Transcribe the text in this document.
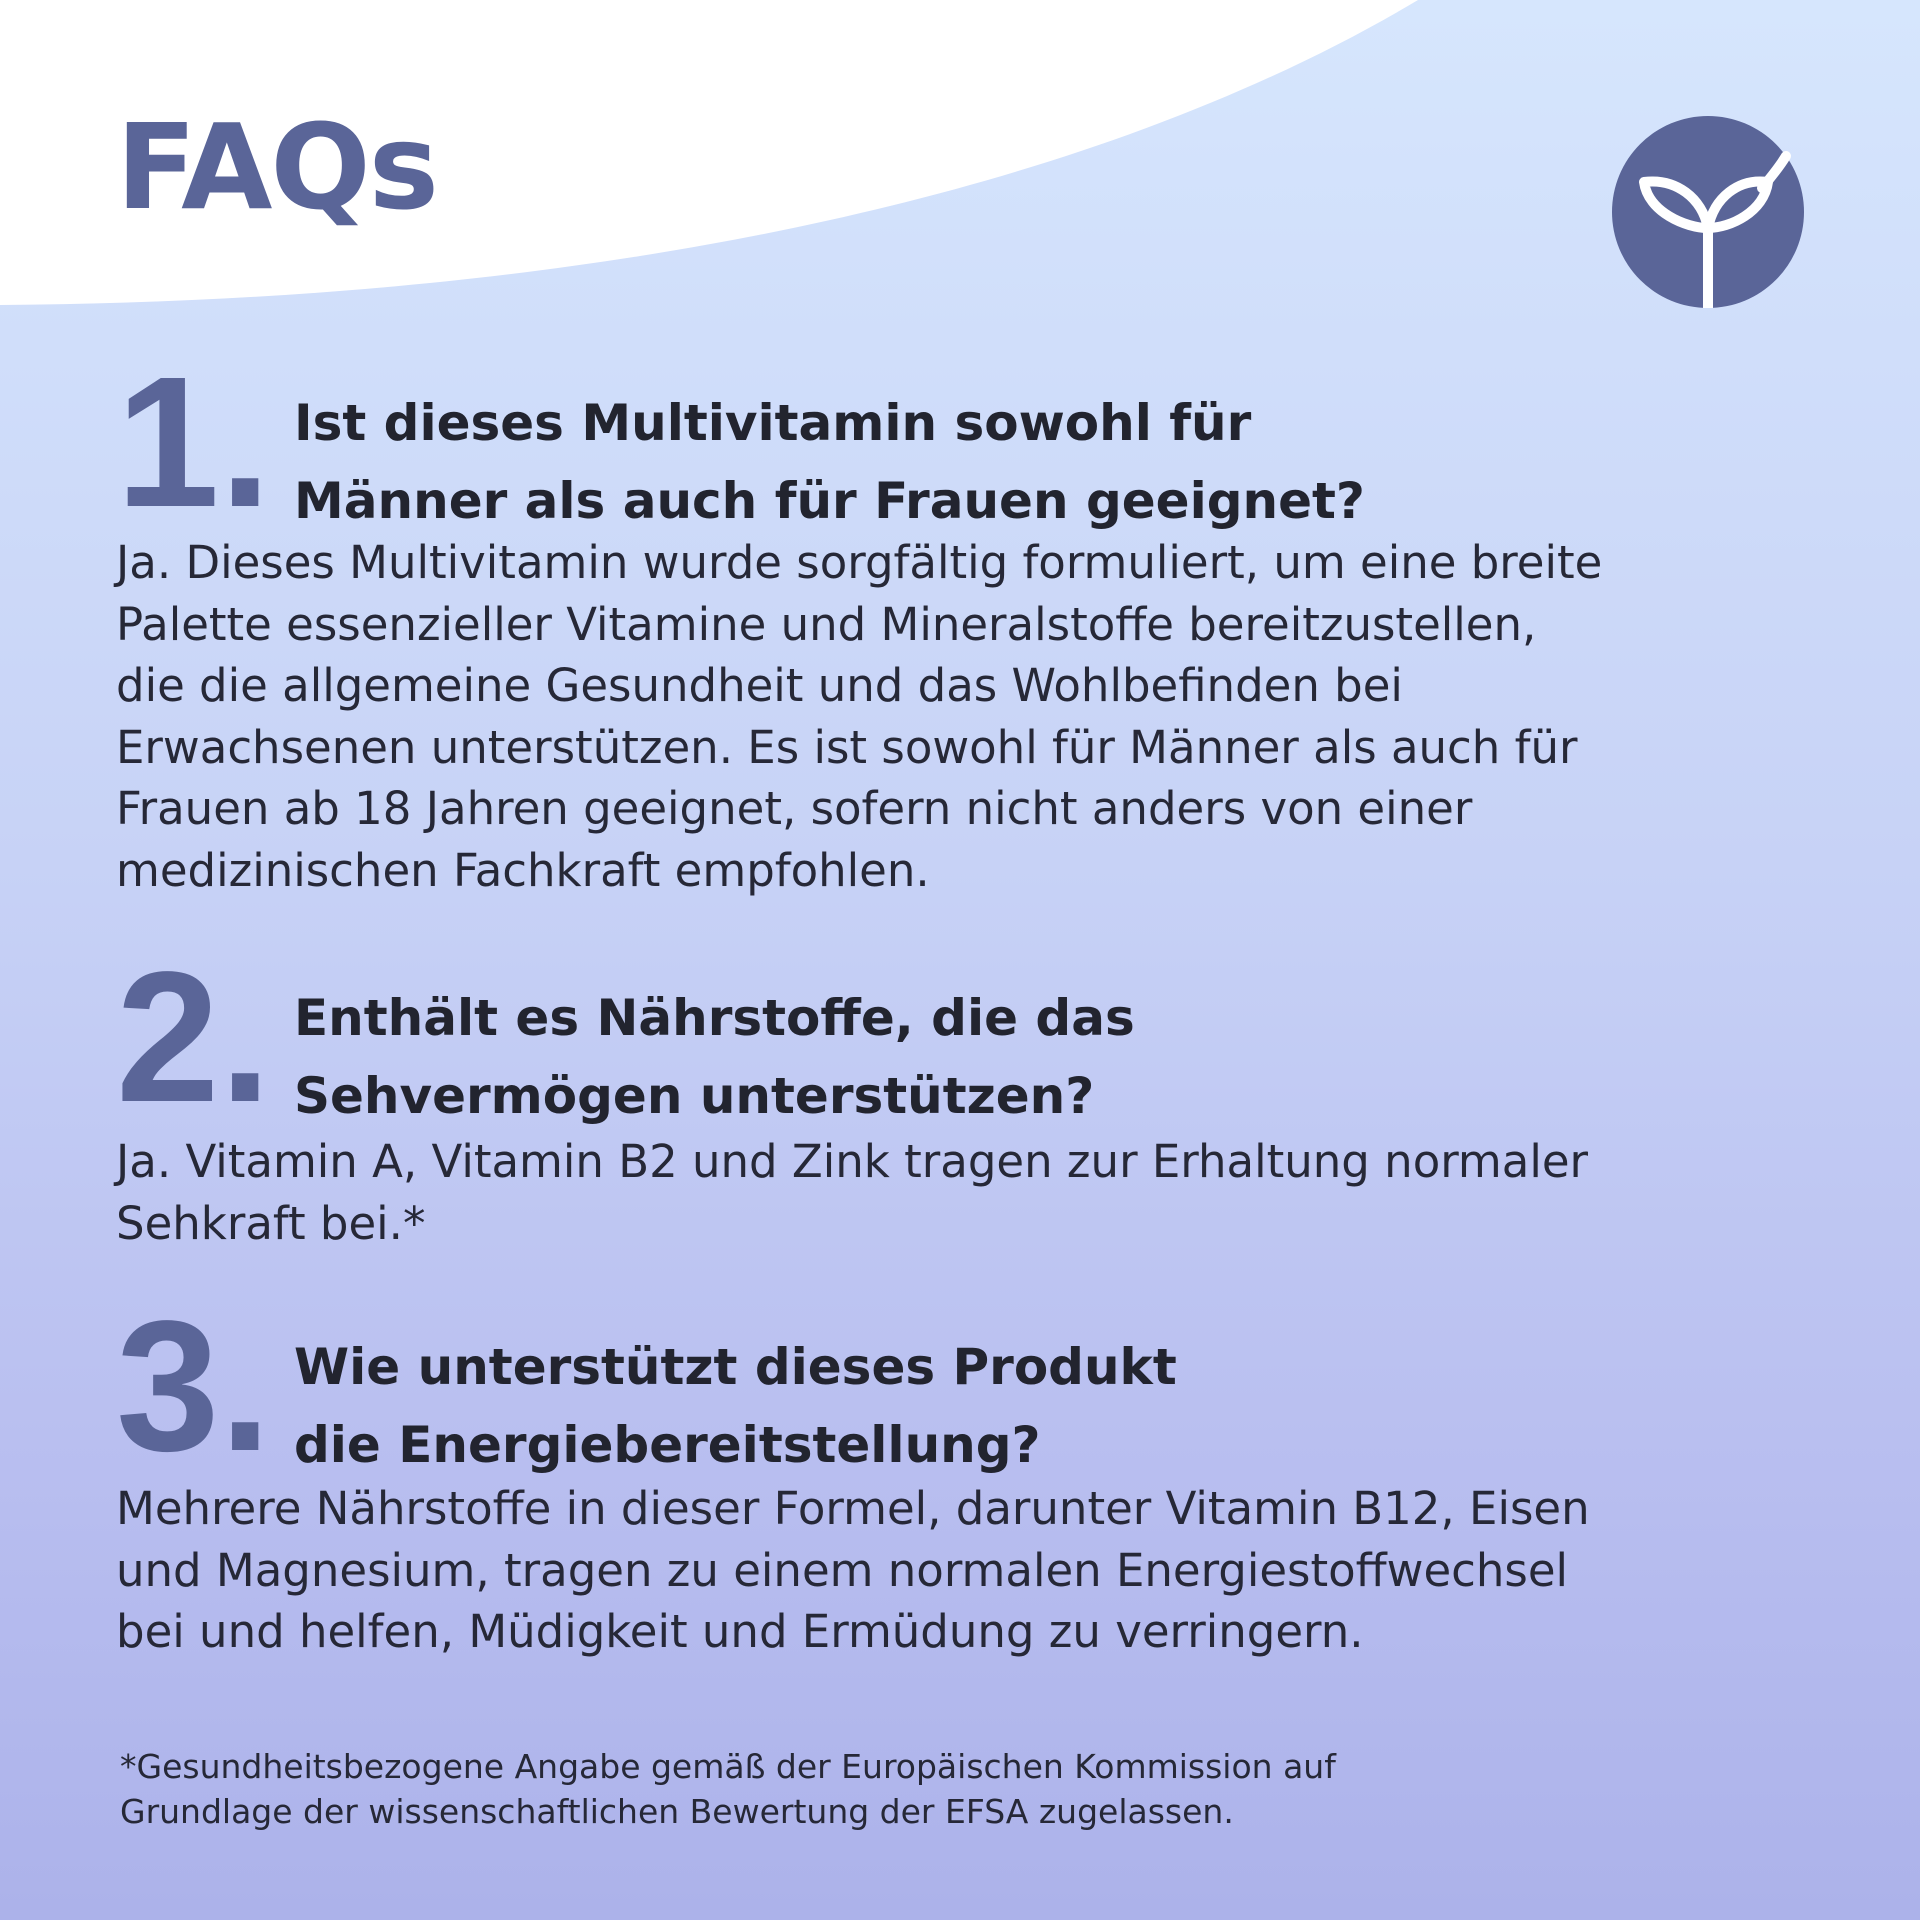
FAQs
1. Ist dieses Multivitamin sowohl für
Männer als auch für Frauen geeignet?
Ja. Dieses Multivitamin wurde sorgfältig formuliert, um eine breite
Palette essenzieller Vitamine und Mineralstoffe bereitzustellen,
die die allgemeine Gesundheit und das Wohlbefinden bei
Erwachsenen unterstützen. Es ist sowohl für Männer als auch für
Frauen ab 18 Jahren geeignet, sofern nicht anders von einer
medizinischen Fachkraft empfohlen.
2. Enthält es Nährstoffe, die das
Sehvermögen unterstützen?
Ja. Vitamin A, Vitamin B2 und Zink tragen zur Erhaltung normaler
Sehkraft bei.*
3. Wie unterstützt dieses Produkt
die Energiebereitstellung?
Mehrere Nährstoffe in dieser Formel, darunter Vitamin B12, Eisen
und Magnesium, tragen zu einem normalen Energiestoffwechsel
bei und helfen, Müdigkeit und Ermüdung zu verringern.
*Gesundheitsbezogene Angabe gemäß der Europäischen Kommission auf
Grundlage der wissenschaftlichen Bewertung der EFSA zugelassen.
